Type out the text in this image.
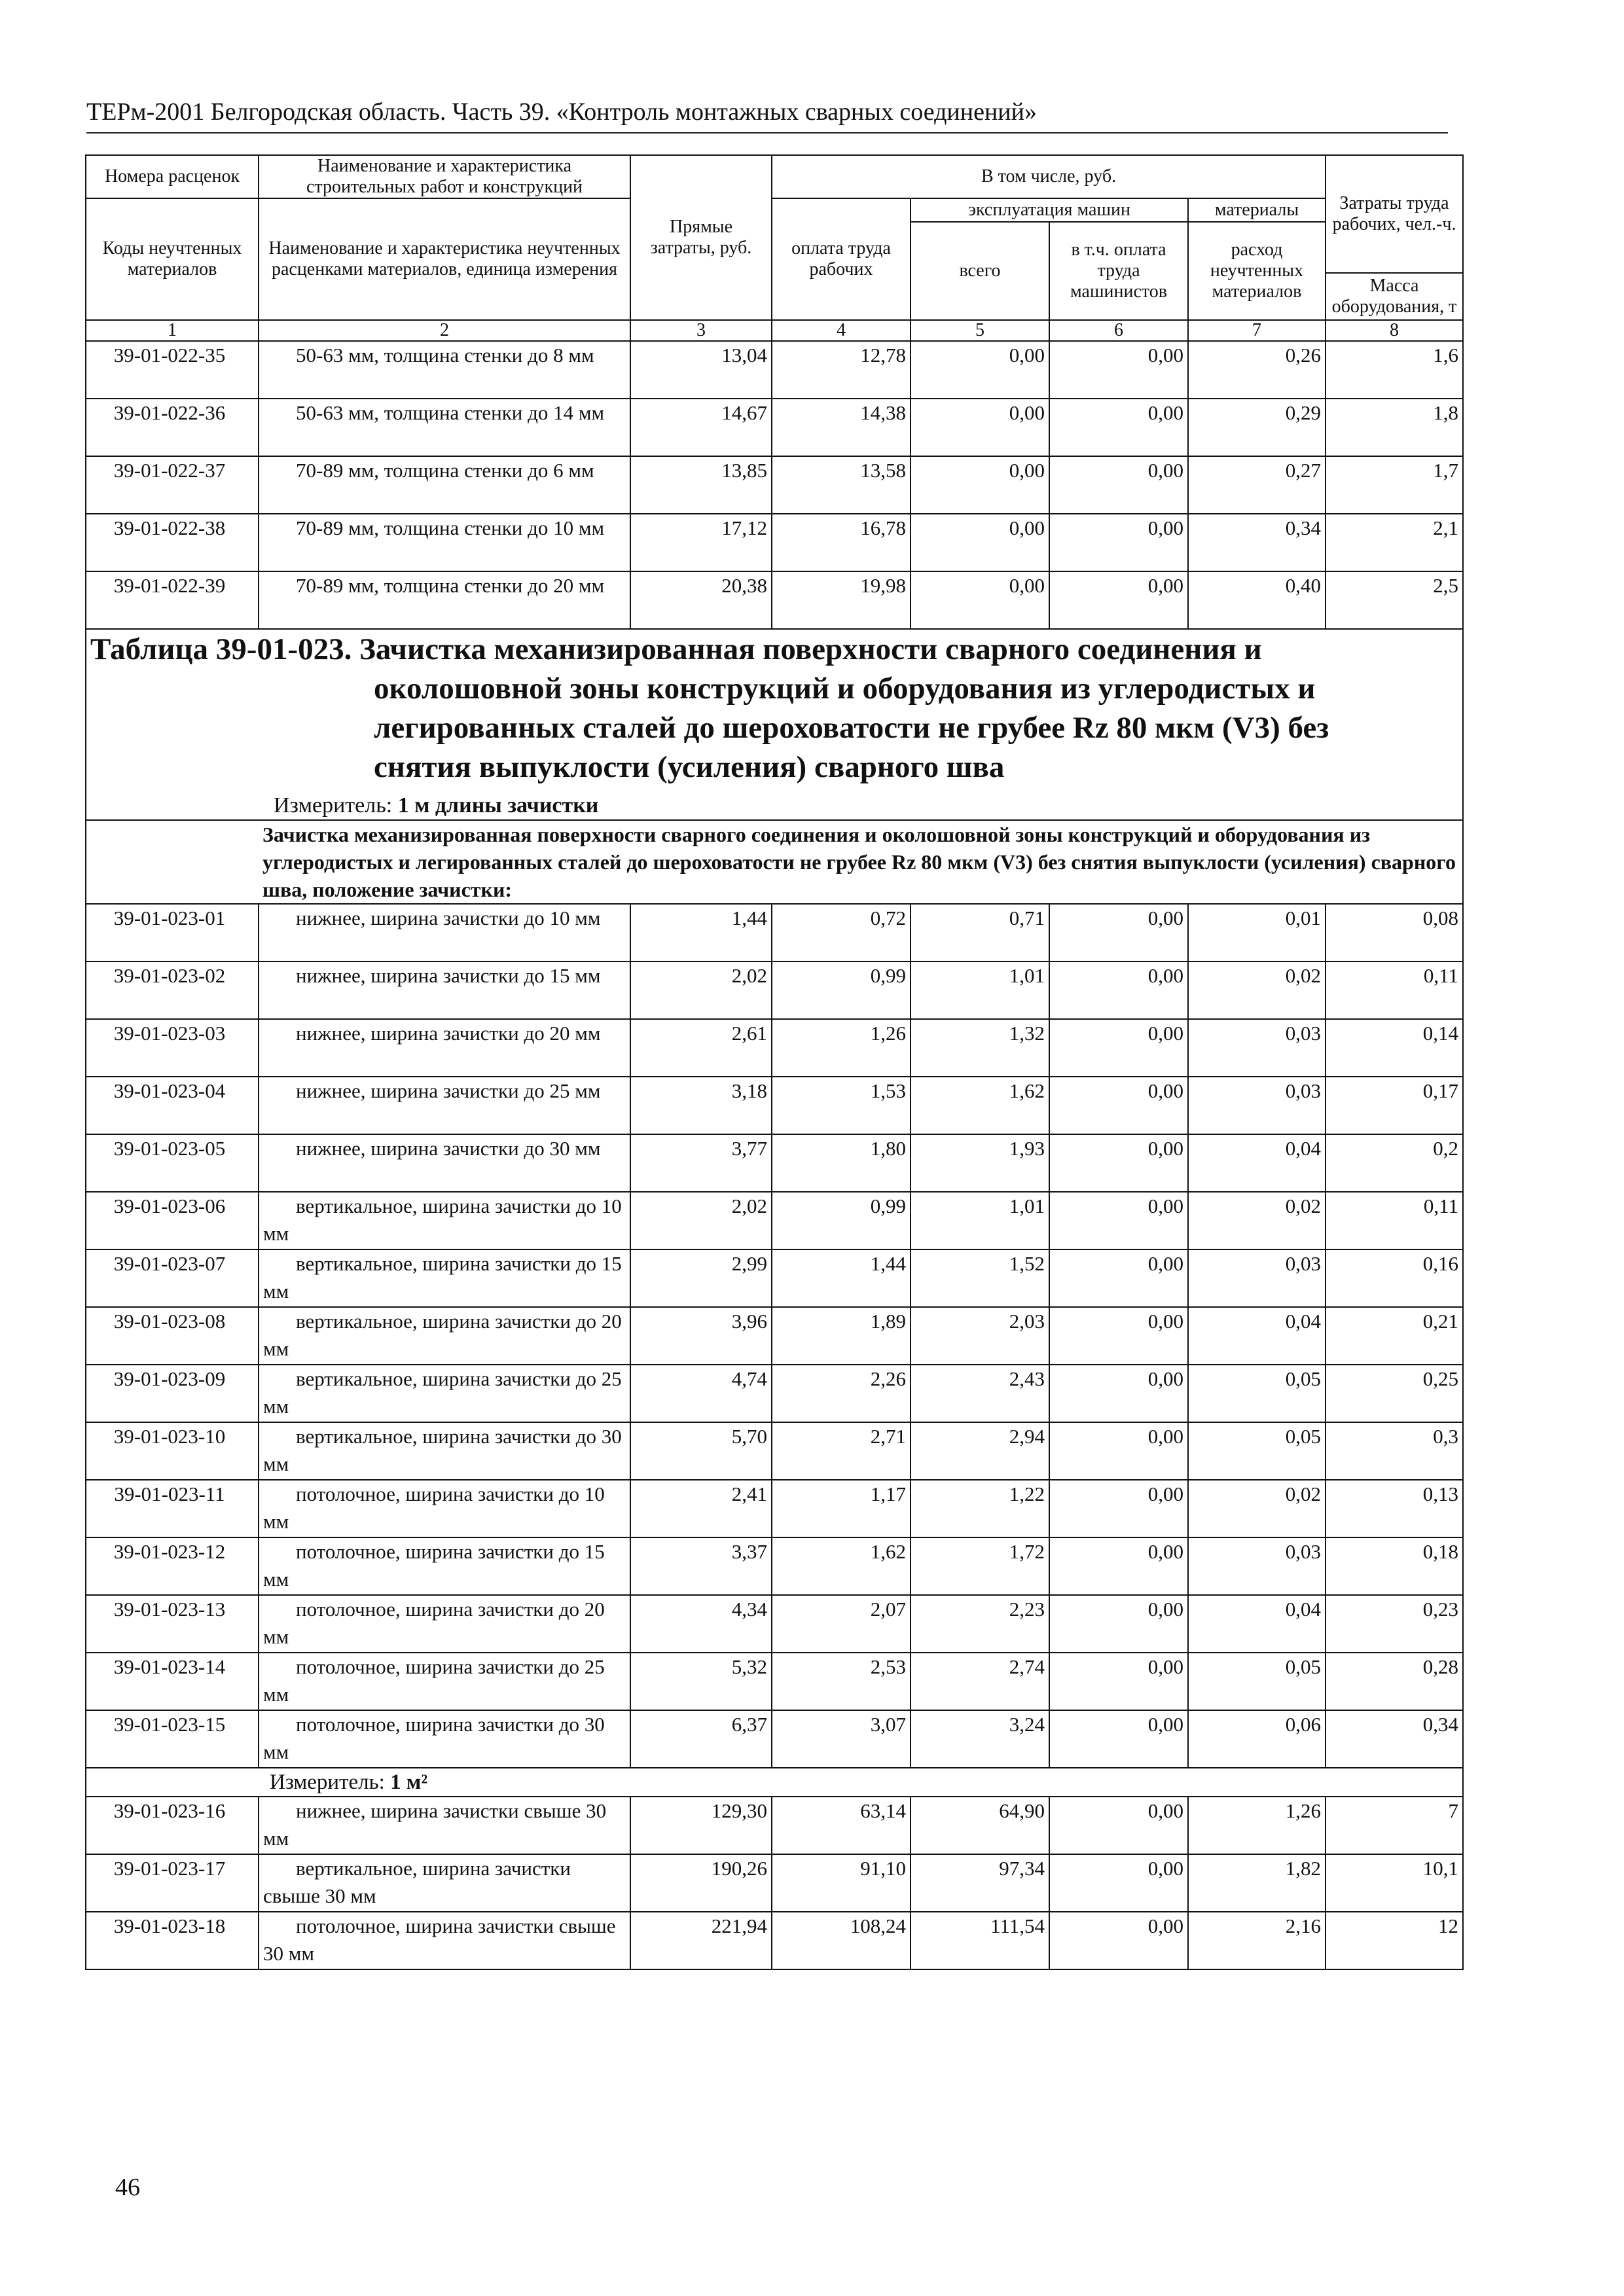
ТЕРм-2001 Белгородская область. Часть 39. «Контроль монтажных сварных соединений»
Номера расценок	Наименование и характеристика строительных работ и конструкций	Прямые затраты, руб.	В том числе, руб.				Затраты труда рабочих, чел.-ч.
Коды неучтенных материалов	Наименование и характеристика неучтенных расценками материалов, единица измерения		оплата труда рабочих	эксплуатация машин		материалы	
				всего	в т.ч. оплата труда машинистов	расход неучтенных материалов	
							Масса оборудования, т
1	2	3	4	5	6	7	8
39-01-022-35	50-63 мм, толщина стенки до 8 мм	13,04	12,78	0,00	0,00	0,26	1,6
39-01-022-36	50-63 мм, толщина стенки до 14 мм	14,67	14,38	0,00	0,00	0,29	1,8
39-01-022-37	70-89 мм, толщина стенки до 6 мм	13,85	13,58	0,00	0,00	0,27	1,7
39-01-022-38	70-89 мм, толщина стенки до 10 мм	17,12	16,78	0,00	0,00	0,34	2,1
39-01-022-39	70-89 мм, толщина стенки до 20 мм	20,38	19,98	0,00	0,00	0,40	2,5

Таблица 39-01-023. Зачистка механизированная поверхности сварного соединения и
околошовной зоны конструкций и оборудования из углеродистых и
легированных сталей до шероховатости не грубее Rz 80 мкм (V3) без
снятия выпуклости (усиления) сварного шва
Измеритель: 1 м длины зачистки							

	Зачистка механизированная поверхности сварного соединения и околошовной зоны конструкций и оборудования из углеродистых и легированных сталей до шероховатости не грубее Rz 80 мкм (V3) без снятия выпуклости (усиления) сварного шва, положение зачистки:						
39-01-023-01	нижнее, ширина зачистки до 10 мм	1,44	0,72	0,71	0,00	0,01	0,08
39-01-023-02	нижнее, ширина зачистки до 15 мм	2,02	0,99	1,01	0,00	0,02	0,11
39-01-023-03	нижнее, ширина зачистки до 20 мм	2,61	1,26	1,32	0,00	0,03	0,14
39-01-023-04	нижнее, ширина зачистки до 25 мм	3,18	1,53	1,62	0,00	0,03	0,17
39-01-023-05	нижнее, ширина зачистки до 30 мм	3,77	1,80	1,93	0,00	0,04	0,2
39-01-023-06	вертикальное, ширина зачистки до 10 мм	2,02	0,99	1,01	0,00	0,02	0,11
39-01-023-07	вертикальное, ширина зачистки до 15 мм	2,99	1,44	1,52	0,00	0,03	0,16
39-01-023-08	вертикальное, ширина зачистки до 20 мм	3,96	1,89	2,03	0,00	0,04	0,21
39-01-023-09	вертикальное, ширина зачистки до 25 мм	4,74	2,26	2,43	0,00	0,05	0,25
39-01-023-10	вертикальное, ширина зачистки до 30 мм	5,70	2,71	2,94	0,00	0,05	0,3
39-01-023-11	потолочное, ширина зачистки до 10 мм	2,41	1,17	1,22	0,00	0,02	0,13
39-01-023-12	потолочное, ширина зачистки до 15 мм	3,37	1,62	1,72	0,00	0,03	0,18
39-01-023-13	потолочное, ширина зачистки до 20 мм	4,34	2,07	2,23	0,00	0,04	0,23
39-01-023-14	потолочное, ширина зачистки до 25 мм	5,32	2,53	2,74	0,00	0,05	0,28
39-01-023-15	потолочное, ширина зачистки до 30 мм	6,37	3,07	3,24	0,00	0,06	0,34
Измеритель: 1 м²							
39-01-023-16	нижнее, ширина зачистки свыше 30 мм	129,30	63,14	64,90	0,00	1,26	7
39-01-023-17	вертикальное, ширина зачистки свыше 30 мм	190,26	91,10	97,34	0,00	1,82	10,1
39-01-023-18	потолочное, ширина зачистки свыше 30 мм	221,94	108,24	111,54	0,00	2,16	12
46
